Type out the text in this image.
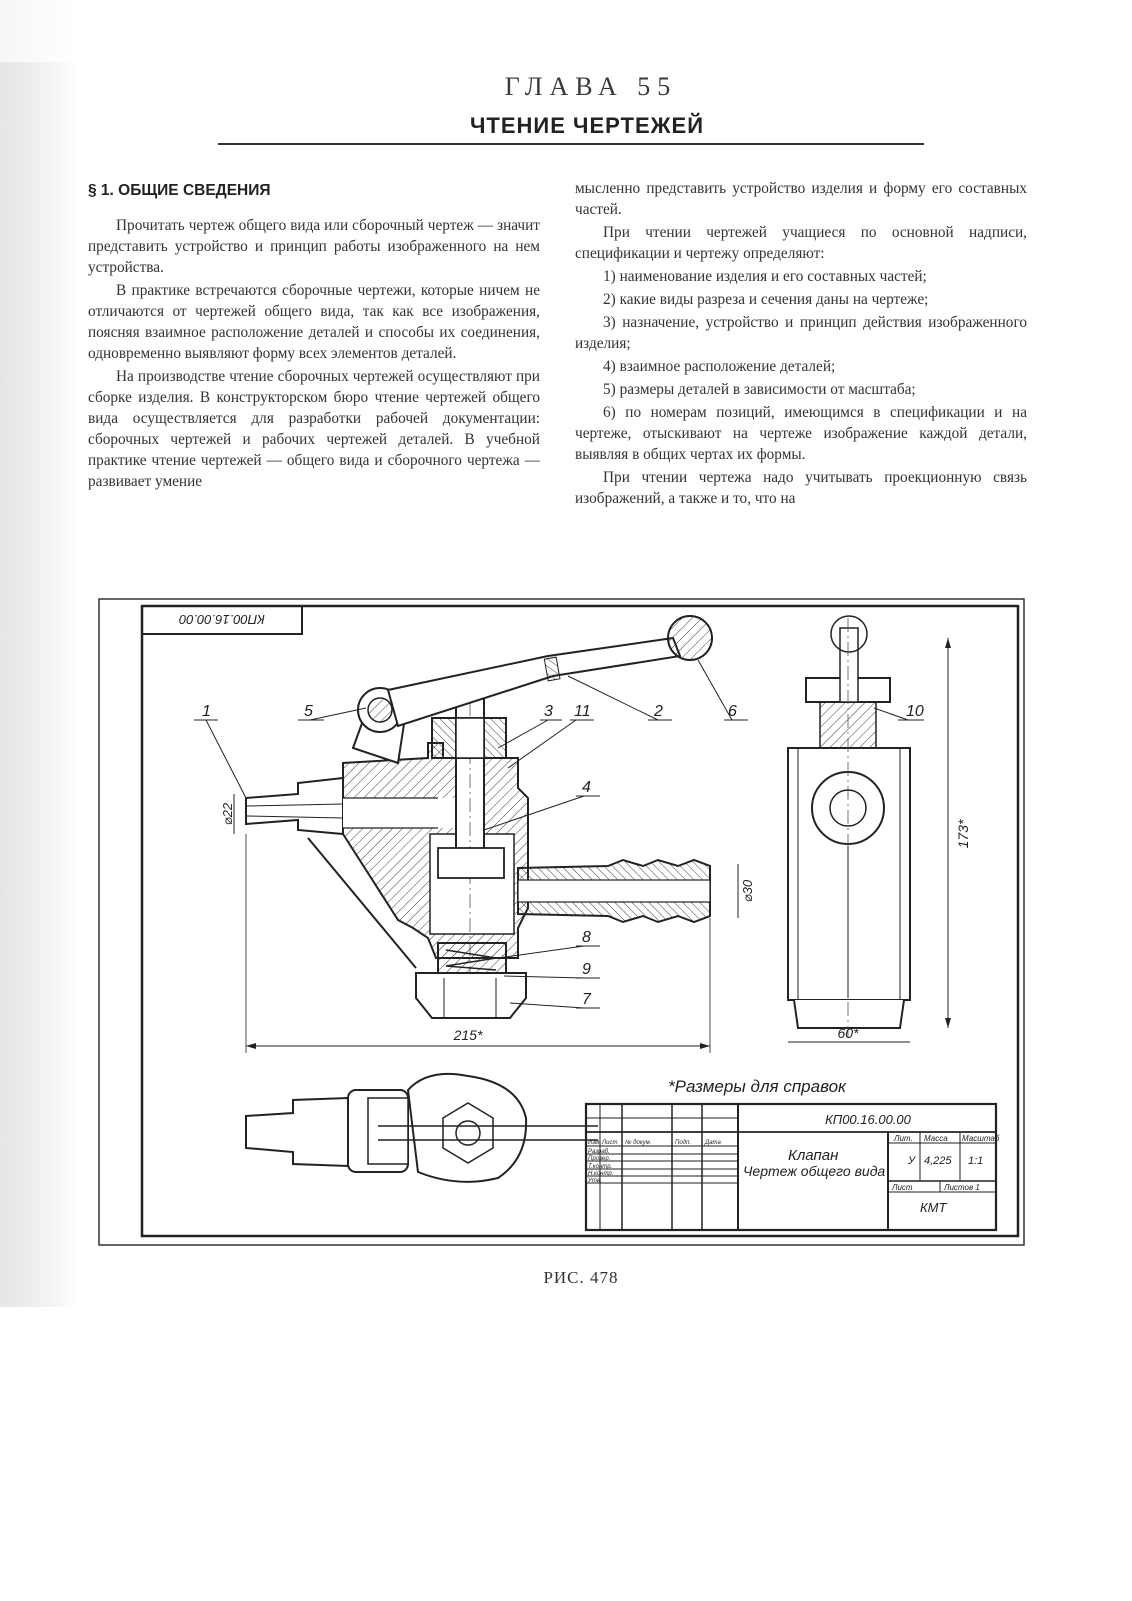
ГЛАВА 55
ЧТЕНИЕ ЧЕРТЕЖЕЙ
§ 1. ОБЩИЕ СВЕДЕНИЯ

Прочитать чертеж общего вида или сборочный чертеж — значит представить устройство и принцип работы изображенного на нем устройства.

В практике встречаются сборочные чертежи, которые ничем не отличаются от чертежей общего вида, так как все изображения, поясняя взаимное расположение деталей и способы их соединения, одновременно выявляют форму всех элементов деталей.

На производстве чтение сборочных чертежей осуществляют при сборке изделия. В конструкторском бюро чтение чертежей общего вида осуществляется для разработки рабочей документации: сборочных чертежей и рабочих чертежей деталей. В учебной практике чтение чертежей — общего вида и сборочного чертежа — развивает умение

мысленно представить устройство изделия и форму его составных частей.

При чтении чертежей учащиеся по основной надписи, спецификации и чертежу определяют:

1) наименование изделия и его составных частей;

2) какие виды разреза и сечения даны на чертеже;

3) назначение, устройство и принцип действия изображенного изделия;

4) взаимное расположение деталей;

5) размеры деталей в зависимости от масштаба;

6) по номерам позиций, имеющимся в спецификации и на чертеже, отыскивают на чертеже изображение каждой детали, выявляя в общих чертах их формы.

При чтении чертежа надо учитывать проекционную связь изображений, а также и то, что на

КП00.16.00.00
⌀22
⌀30
215*
1	2
3
4
5	6
7
8
9
10
11
173*
60*
*Размеры для справок
КП00.16.00.00
Клапан
Чертеж общего вида
Лит. Масса Масштаб
У 4,225 1:1
Лист	Листов 1
КМТ
Изм. Лист № докум.	Подп. Дата
Разраб.
Провер.
Т.контр.
Н.контр.
Утв.
РИС. 478
